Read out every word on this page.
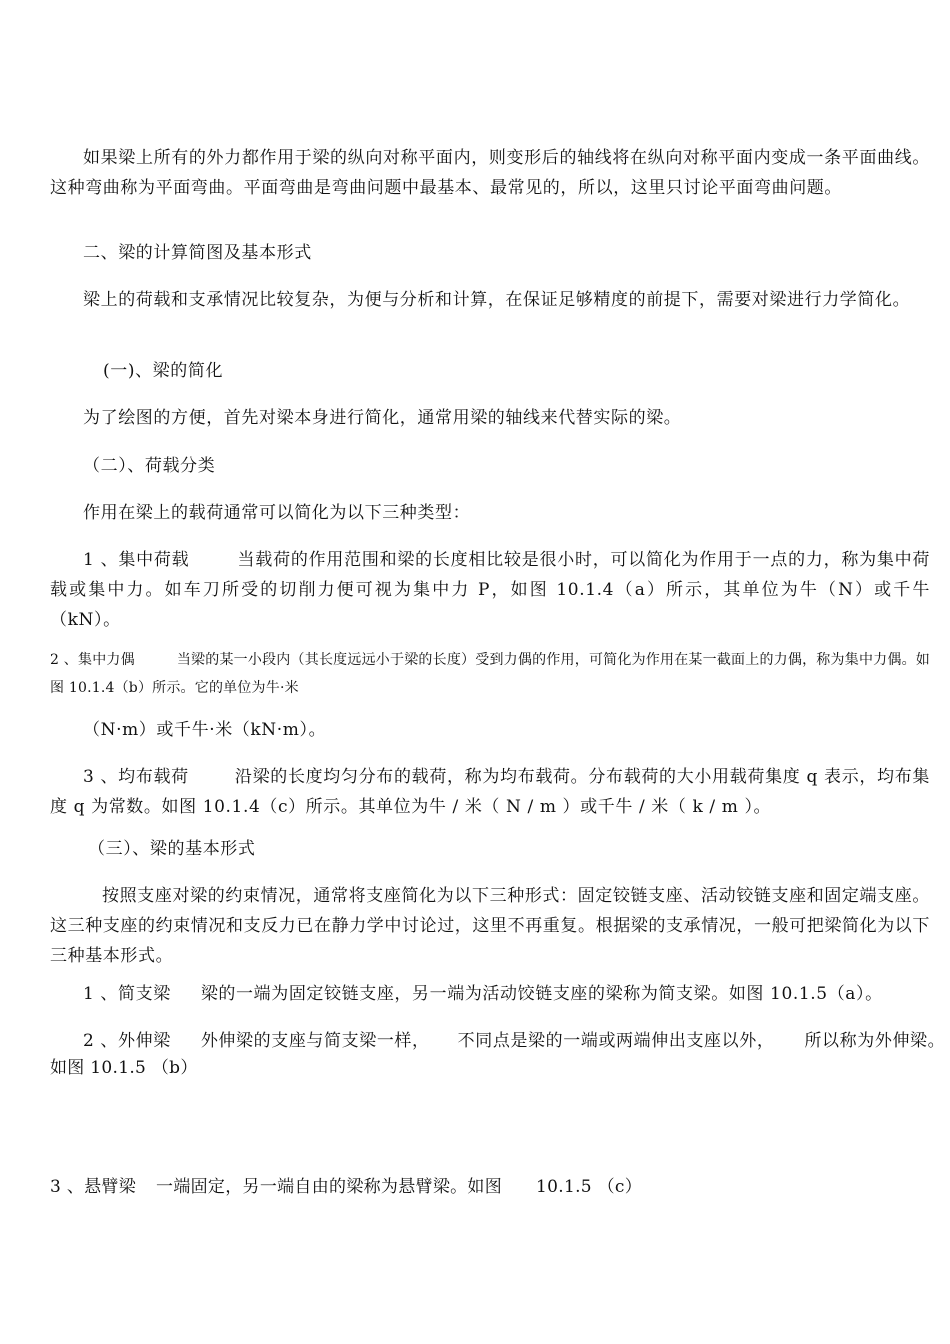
如果梁上所有的外力都作用于梁的纵向对称平面内，则变形后的轴线将在纵向对称平面内变成一条平面曲线。这种弯曲称为平面弯曲。平面弯曲是弯曲问题中最基本、最常见的，所以，这里只讨论平面弯曲问题。
二、梁的计算简图及基本形式
梁上的荷载和支承情况比较复杂，为便与分析和计算，在保证足够精度的前提下，需要对梁进行力学简化。
(一)、梁的简化
为了绘图的方便，首先对梁本身进行简化，通常用梁的轴线来代替实际的梁。
（二）、荷载分类
作用在梁上的载荷通常可以简化为以下三种类型：
1 、集中荷载	当载荷的作用范围和梁的长度相比较是很小时，可以简化为作用于一点的力，称为集中荷载或集中力。如车刀所受的切削力便可视为集中力 P，如图 10.1.4（a）所示，其单位为牛（N）或千牛（kN）。
2 、集中力偶	当梁的某一小段内（其长度远远小于梁的长度）受到力偶的作用，可简化为作用在某一截面上的力偶，称为集中力偶。如图 10.1.4（b）所示。它的单位为牛·米
（N·m）或千牛·米（kN·m）。
3 、均布载荷	沿梁的长度均匀分布的载荷，称为均布载荷。分布载荷的大小用载荷集度 q 表示，均布集度 q 为常数。如图 10.1.4（c）所示。其单位为牛 / 米（ N / m ）或千牛 / 米（ k / m ）。
（三）、梁的基本形式
按照支座对梁的约束情况，通常将支座简化为以下三种形式：固定铰链支座、活动铰链支座和固定端支座。这三种支座的约束情况和支反力已在静力学中讨论过，这里不再重复。根据梁的支承情况，一般可把梁简化为以下三种基本形式。
1 、简支梁 梁的一端为固定铰链支座，另一端为活动饺链支座的梁称为简支梁。如图 10.1.5（a）。
2 、外伸梁 外伸梁的支座与简支梁一样， 不同点是梁的一端或两端伸出支座以外， 所以称为外伸梁。
如图 10.1.5 （b）
3 、悬臂梁 一端固定，另一端自由的梁称为悬臂梁。如图 10.1.5 （c）
